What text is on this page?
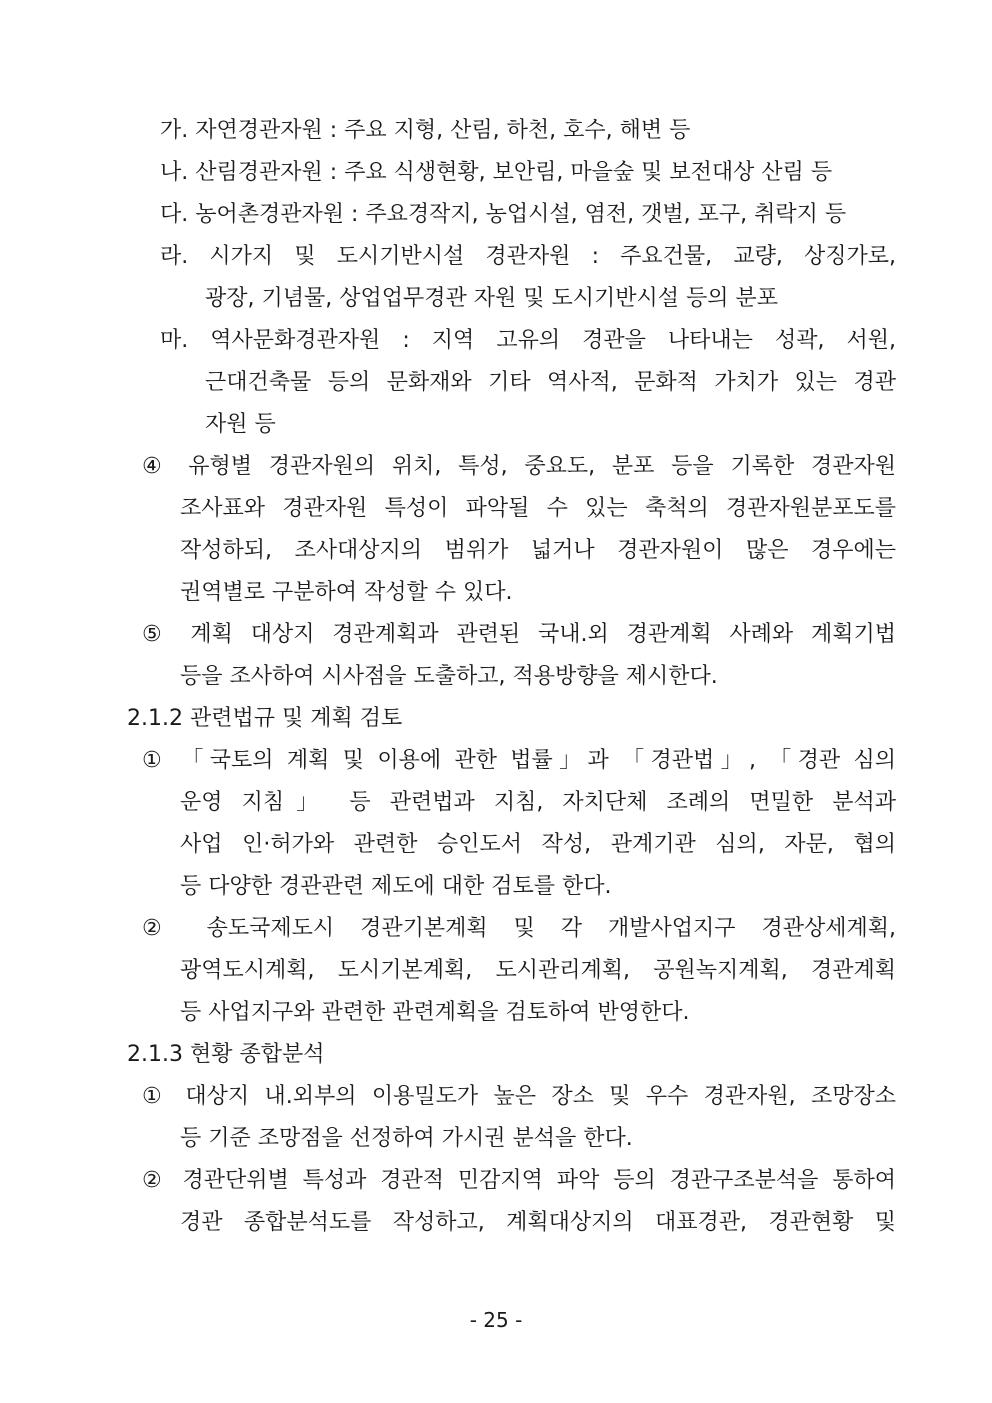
가. 자연경관자원 : 주요 지형, 산림, 하천, 호수, 해변 등
나. 산림경관자원 : 주요 식생현황, 보안림, 마을숲 및 보전대상 산림 등
다. 농어촌경관자원 : 주요경작지, 농업시설, 염전, 갯벌, 포구, 취락지 등
라. 시가지 및 도시기반시설 경관자원 : 주요건물, 교량, 상징가로,
광장, 기념물, 상업업무경관 자원 및 도시기반시설 등의 분포
마. 역사문화경관자원 : 지역 고유의 경관을 나타내는 성곽, 서원,
근대건축물 등의 문화재와 기타 역사적, 문화적 가치가 있는 경관
자원 등
④ 유형별 경관자원의 위치, 특성, 중요도, 분포 등을 기록한 경관자원
조사표와 경관자원 특성이 파악될 수 있는 축척의 경관자원분포도를
작성하되, 조사대상지의 범위가 넓거나 경관자원이 많은 경우에는
권역별로 구분하여 작성할 수 있다.
⑤ 계획 대상지 경관계획과 관련된 국내.외 경관계획 사례와 계획기법
등을 조사하여 시사점을 도출하고, 적용방향을 제시한다.
2.1.2 관련법규 및 계획 검토
① 「국토의 계획 및 이용에 관한 법률」과 「경관법」, 「경관 심의
운영 지침」 등 관련법과 지침, 자치단체 조례의 면밀한 분석과
사업 인·허가와 관련한 승인도서 작성, 관계기관 심의, 자문, 협의
등 다양한 경관관련 제도에 대한 검토를 한다.
② 송도국제도시 경관기본계획 및 각 개발사업지구 경관상세계획,
광역도시계획, 도시기본계획, 도시관리계획, 공원녹지계획, 경관계획
등 사업지구와 관련한 관련계획을 검토하여 반영한다.
2.1.3 현황 종합분석
① 대상지 내.외부의 이용밀도가 높은 장소 및 우수 경관자원, 조망장소
등 기준 조망점을 선정하여 가시권 분석을 한다.
② 경관단위별 특성과 경관적 민감지역 파악 등의 경관구조분석을 통하여
경관 종합분석도를 작성하고, 계획대상지의 대표경관, 경관현황 및
- 25 -
